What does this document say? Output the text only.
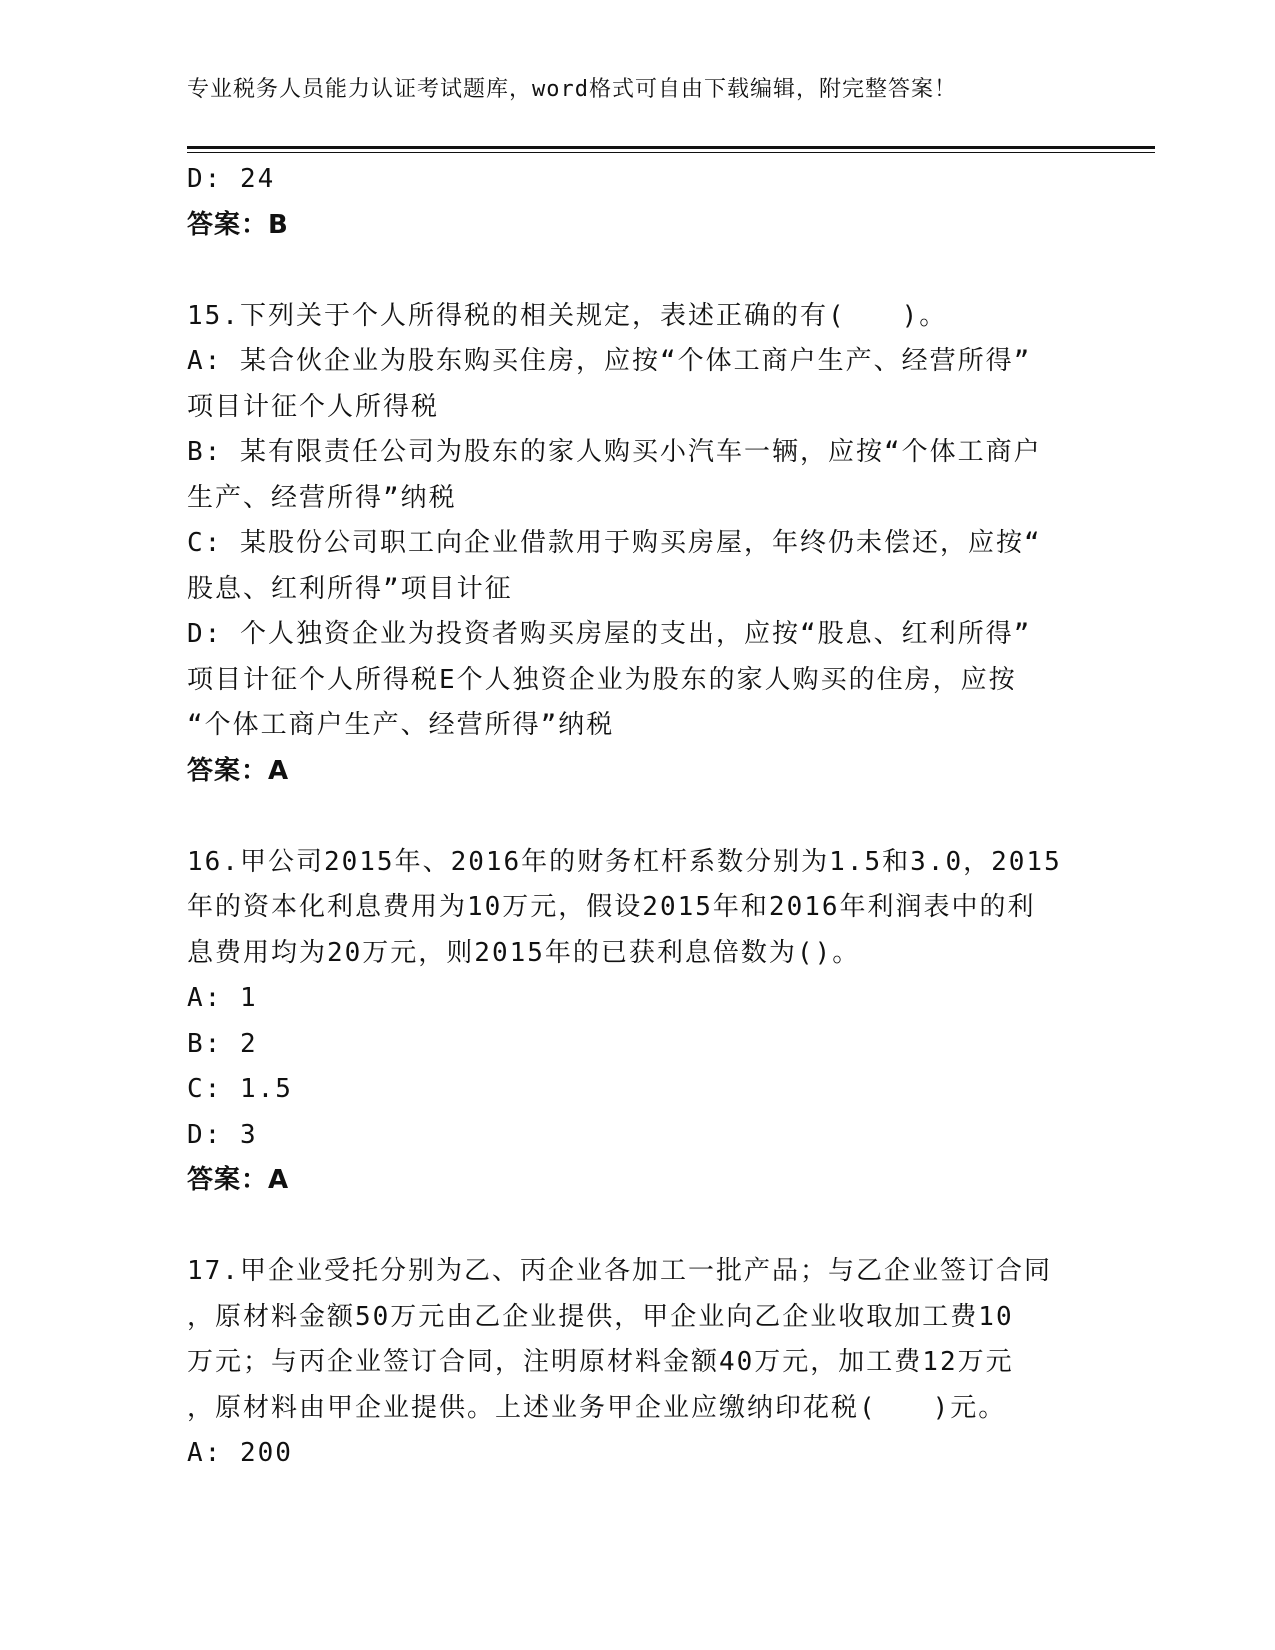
专业税务人员能力认证考试题库，word格式可自由下载编辑，附完整答案！
D: 24
答案：B
15.下列关于个人所得税的相关规定，表述正确的有(　　)。
A: 某合伙企业为股东购买住房，应按“个体工商户生产、经营所得”
项目计征个人所得税
B: 某有限责任公司为股东的家人购买小汽车一辆，应按“个体工商户
生产、经营所得”纳税
C: 某股份公司职工向企业借款用于购买房屋，年终仍未偿还，应按“
股息、红利所得”项目计征
D: 个人独资企业为投资者购买房屋的支出，应按“股息、红利所得”
项目计征个人所得税E个人独资企业为股东的家人购买的住房，应按
“个体工商户生产、经营所得”纳税
答案：A
16.甲公司2015年、2016年的财务杠杆系数分别为1.5和3.0，2015
年的资本化利息费用为10万元，假设2015年和2016年利润表中的利
息费用均为20万元，则2015年的已获利息倍数为()。
A: 1
B: 2
C: 1.5
D: 3
答案：A
17.甲企业受托分别为乙、丙企业各加工一批产品；与乙企业签订合同
，原材料金额50万元由乙企业提供，甲企业向乙企业收取加工费10
万元；与丙企业签订合同，注明原材料金额40万元，加工费12万元
，原材料由甲企业提供。上述业务甲企业应缴纳印花税(　　)元。
A: 200
